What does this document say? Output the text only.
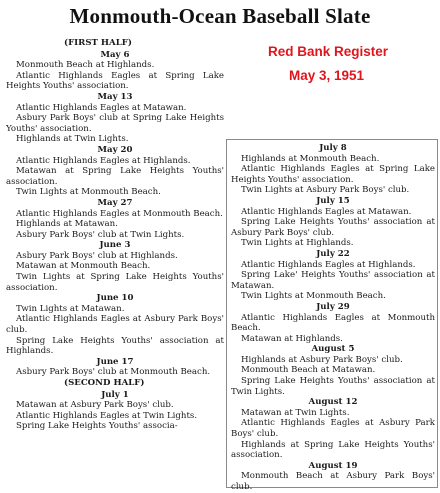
Monmouth-Ocean Baseball Slate
Red Bank Register
May 3, 1951
(FIRST HALF)
May 6
Monmouth Beach at Highlands.
Atlantic Highlands Eagles at Spring Lake Heights Youths' association.
May 13
Atlantic Highlands Eagles at Matawan.
Asbury Park Boys' club at Spring Lake Heights Youths' association.
Highlands at Twin Lights.
May 20
Atlantic Highlands Eagles at Highlands.
Matawan at Spring Lake Heights Youths' association.
Twin Lights at Monmouth Beach.
May 27
Atlantic Highlands Eagles at Monmouth Beach.
Highlands at Matawan.
Asbury Park Boys' club at Twin Lights.
June 3
Asbury Park Boys' club at Highlands.
Matawan at Monmouth Beach.
Twin Lights at Spring Lake Heights Youths' association.
June 10
Twin Lights at Matawan.
Atlantic Highlands Eagles at Asbury Park Boys' club.
Spring Lake Heights Youths' association at Highlands.
June 17
Asbury Park Boys' club at Monmouth Beach.
(SECOND HALF)
July 1
Matawan at Asbury Park Boys' club.
Atlantic Highlands Eagles at Twin Lights.
Spring Lake Heights Youths' associa-
July 8
Highlands at Monmouth Beach.
Atlantic Highlands Eagles at Spring Lake Heights Youths' association.
Twin Lights at Asbury Park Boys' club.
July 15
Atlantic Highlands Eagles at Matawan.
Spring Lake Heights Youths' association at Asbury Park Boys' club.
Twin Lights at Highlands.
July 22
Atlantic Highlands Eagles at Highlands.
Spring Lake' Heights Youths' association at Matawan.
Twin Lights at Monmouth Beach.
July 29
Atlantic Highlands Eagles at Monmouth Beach.
Matawan at Highlands.
August 5
Highlands at Asbury Park Boys' club.
Monmouth Beach at Matawan.
Spring Lake Heights Youths' association at Twin Lights.
August 12
Matawan at Twin Lights.
Atlantic Highlands Eagles at Asbury Park Boys' club.
Highlands at Spring Lake Heights Youths' association.
August 19
Monmouth Beach at Asbury Park Boys' club.
